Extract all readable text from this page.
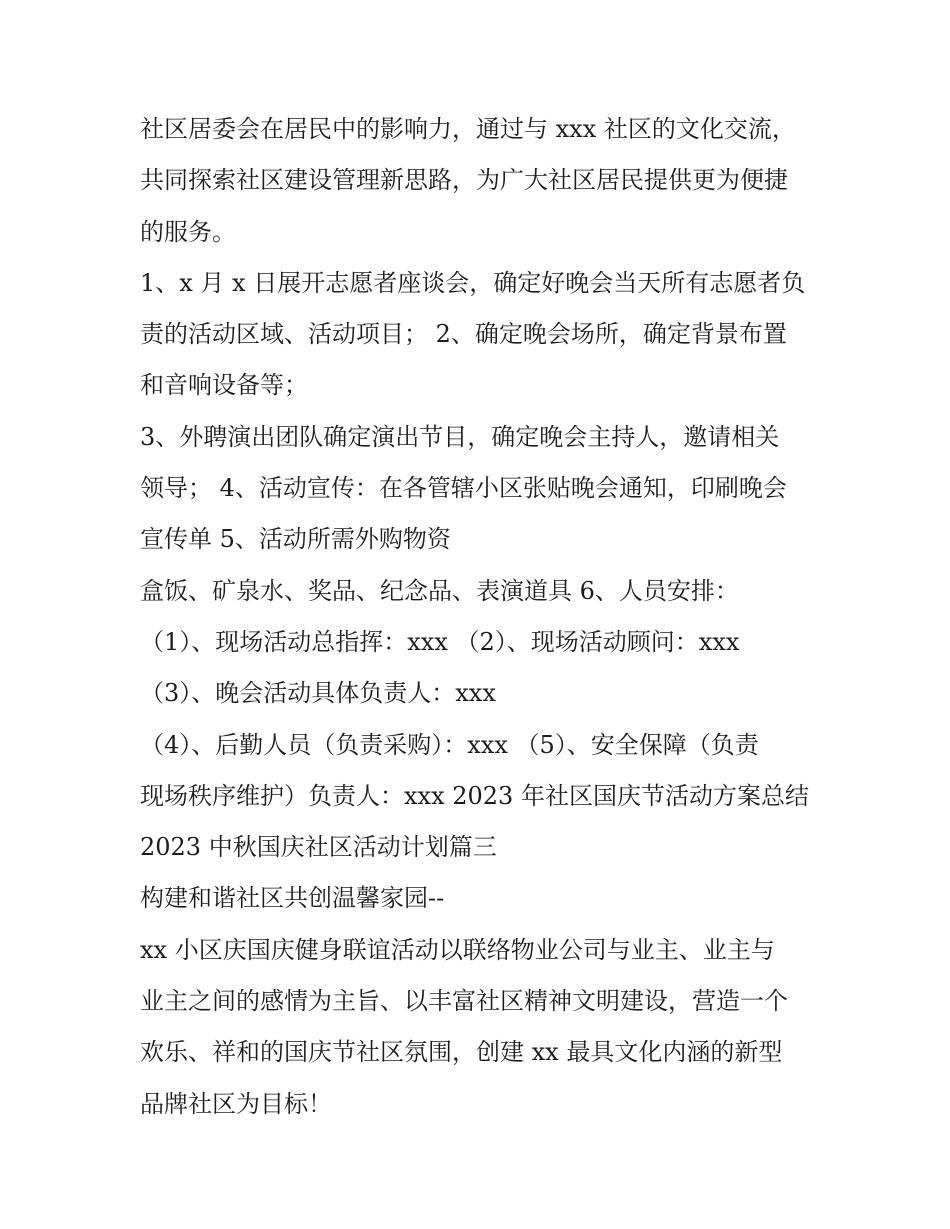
社区居委会在居民中的影响力，通过与 xxx 社区的文化交流，
共同探索社区建设管理新思路，为广大社区居民提供更为便捷
的服务。
1、x 月 x 日展开志愿者座谈会，确定好晚会当天所有志愿者负
责的活动区域、活动项目； 2、确定晚会场所，确定背景布置
和音响设备等；
3、外聘演出团队确定演出节目，确定晚会主持人，邀请相关
领导； 4、活动宣传：在各管辖小区张贴晚会通知，印刷晚会
宣传单 5、活动所需外购物资
盒饭、矿泉水、奖品、纪念品、表演道具 6、人员安排：
（1）、现场活动总指挥：xxx （2）、现场活动顾问：xxx
（3）、晚会活动具体负责人：xxx
（4）、后勤人员（负责采购）：xxx （5）、安全保障（负责
现场秩序维护）负责人：xxx 2023 年社区国庆节活动方案总结
2023 中秋国庆社区活动计划篇三
构建和谐社区共创温馨家园--
xx 小区庆国庆健身联谊活动以联络物业公司与业主、业主与
业主之间的感情为主旨、以丰富社区精神文明建设，营造一个
欢乐、祥和的国庆节社区氛围，创建 xx 最具文化内涵的新型
品牌社区为目标！
